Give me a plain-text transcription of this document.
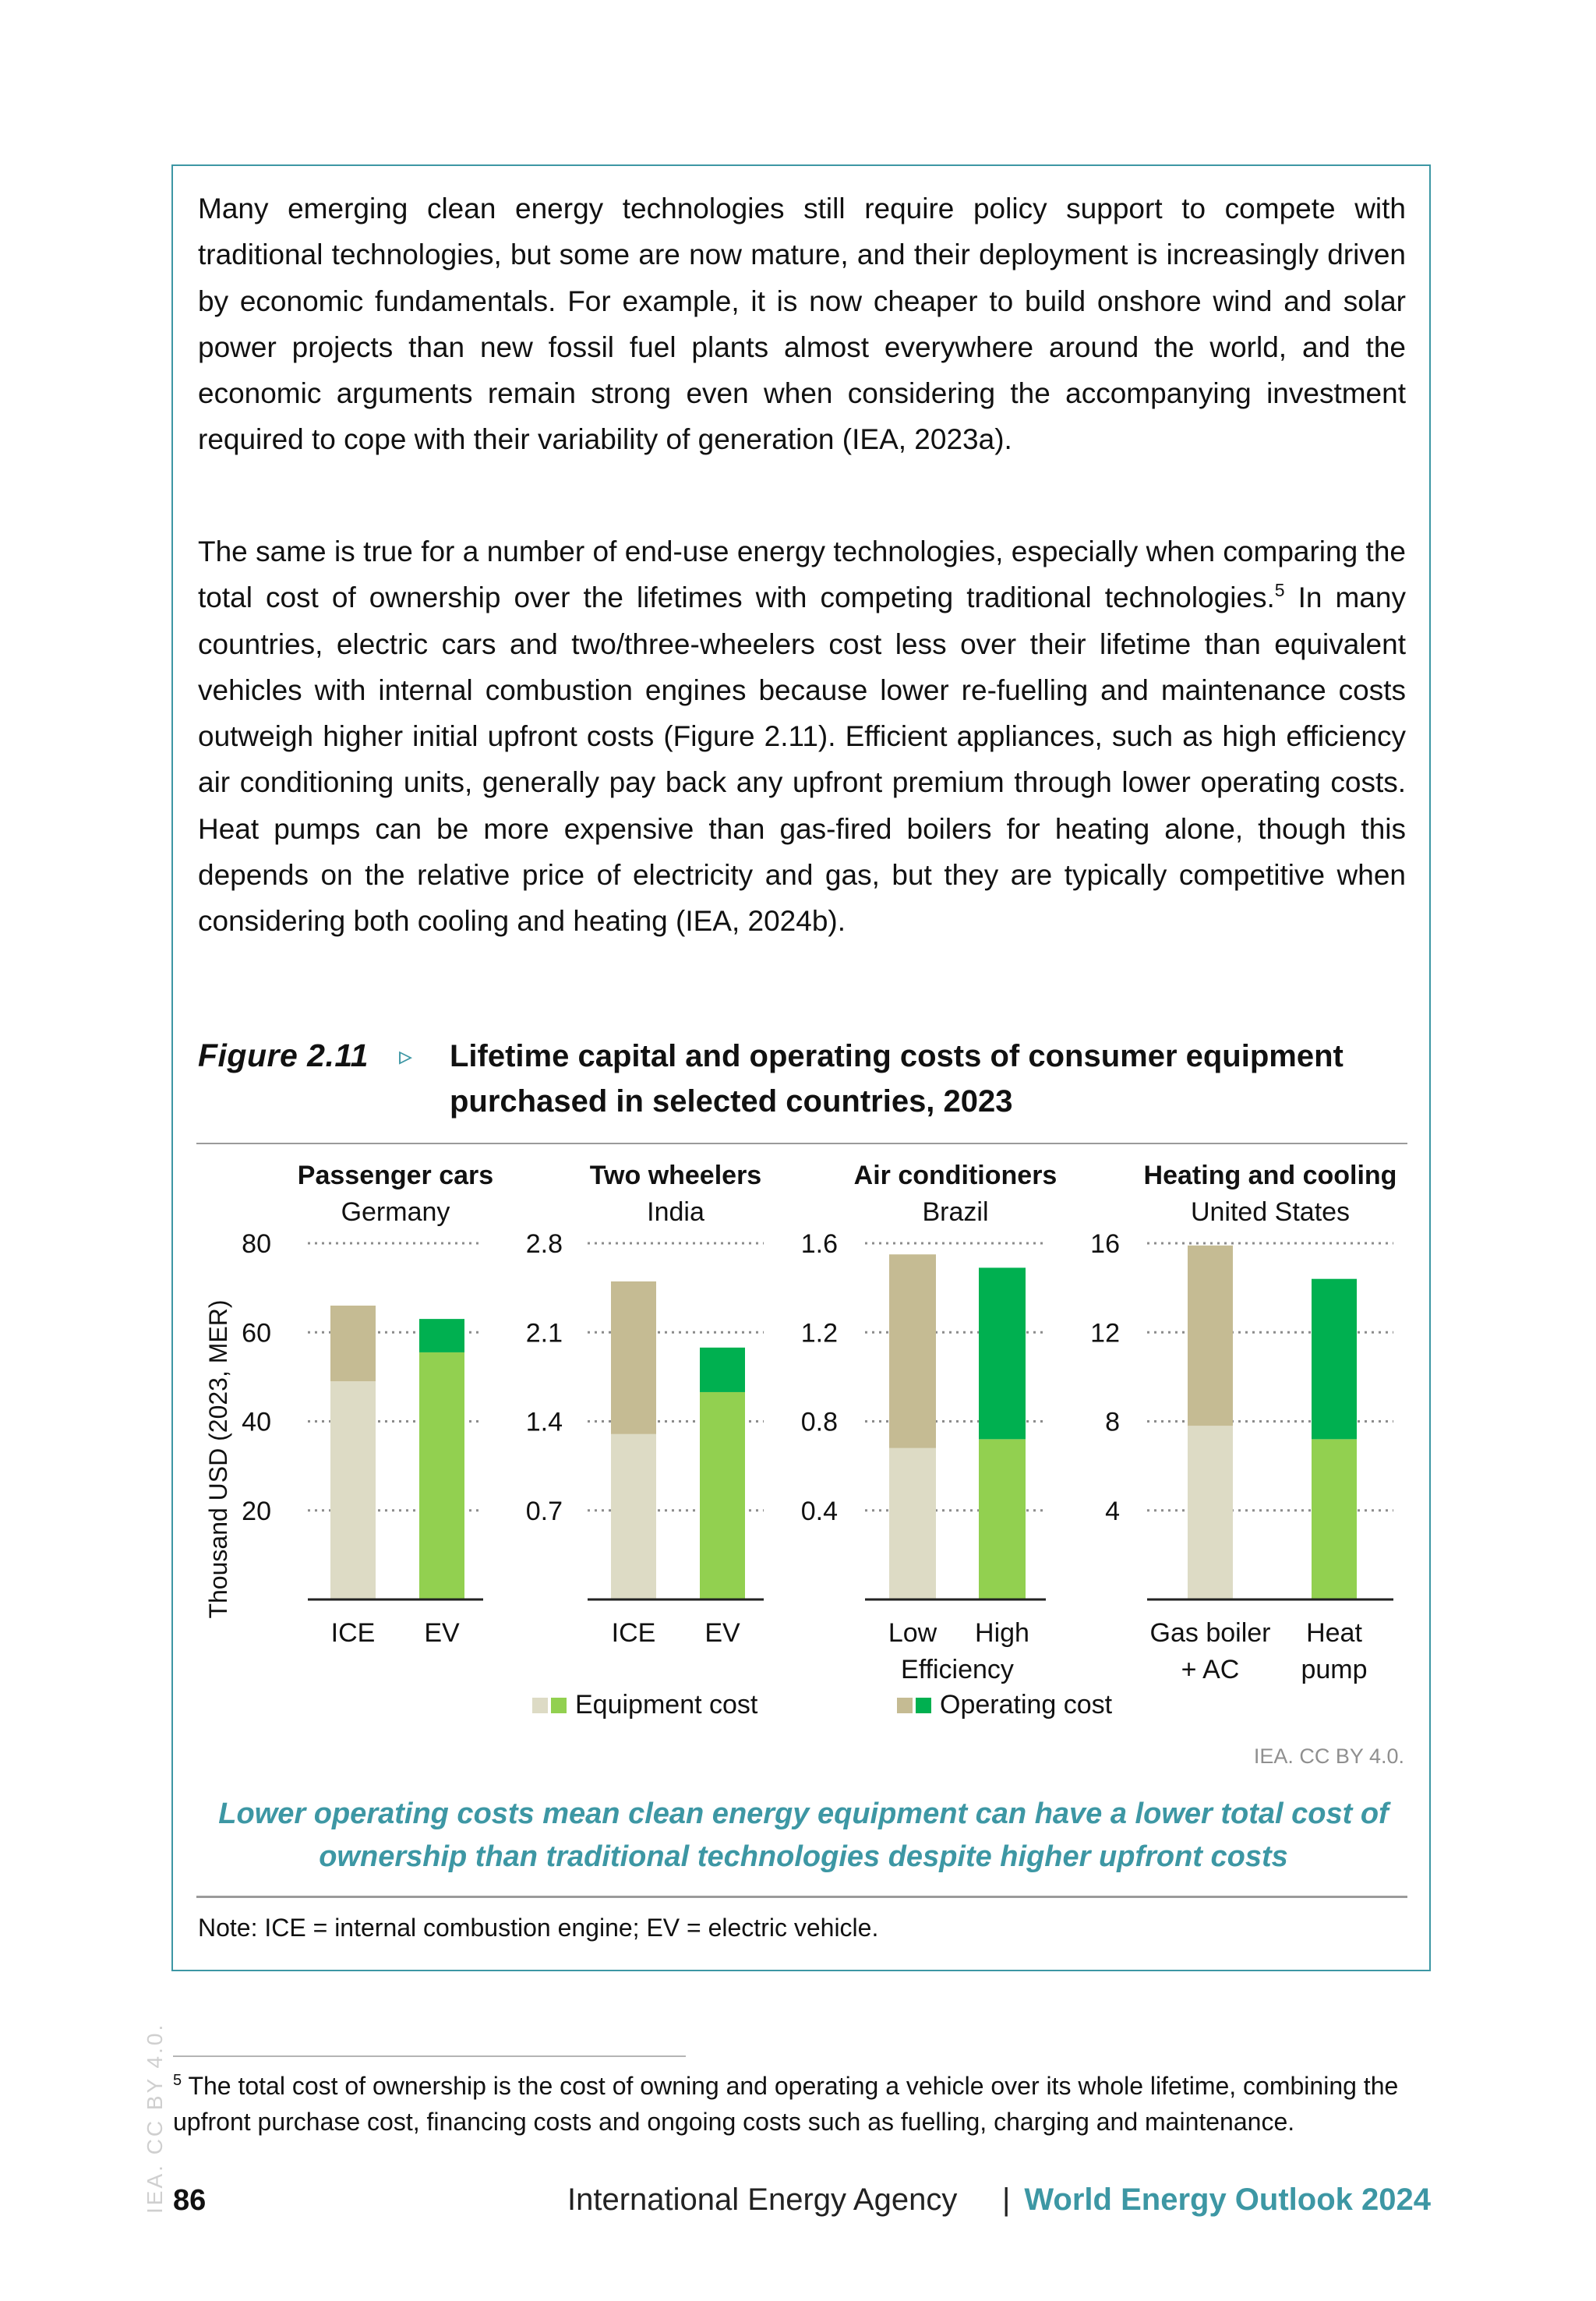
Many emerging clean energy technologies still require policy support to compete with traditional technologies, but some are now mature, and their deployment is increasingly driven by economic fundamentals. For example, it is now cheaper to build onshore wind and solar power projects than new fossil fuel plants almost everywhere around the world, and the economic arguments remain strong even when considering the accompanying investment required to cope with their variability of generation (IEA, 2023a).

The same is true for a number of end-use energy technologies, especially when comparing the total cost of ownership over the lifetimes with competing traditional technologies.$^5$ In many countries, electric cars and two/three-wheelers cost less over their lifetime than equivalent vehicles with internal combustion engines because lower re-fuelling and maintenance costs outweigh higher initial upfront costs (Figure 2.11). Efficient appliances, such as high efficiency air conditioning units, generally pay back any upfront premium through lower operating costs. Heat pumps can be more expensive than gas-fired boilers for heating alone, though this depends on the relative price of electricity and gas, but they are typically competitive when considering both cooling and heating (IEA, 2024b).

Figure 2.11 ▹ Lifetime capital and operating costs of consumer equipment purchased in selected countries, 2023
Passenger cars
Germany
20
40
60
80
ICE EV
Two wheelers
India
0.7
1.4
2.1
2.8
ICE EV
Air conditioners
Brazil
0.4
0.8
1.2
1.6
Low High
Efficiency
Heating and cooling
United States
4
8
12
16
Gas boiler
+ AC
Heat
pump
Thousand USD (2023, MER)
Equipment cost	Operating cost
IEA. CC BY 4.0.
Lower operating costs mean clean energy equipment can have a lower total cost of ownership than traditional technologies despite higher upfront costs
Note: ICE = internal combustion engine; EV = electric vehicle.
$^5$ The total cost of ownership is the cost of owning and operating a vehicle over its whole lifetime, combining the upfront purchase cost, financing costs and ongoing costs such as fuelling, charging and maintenance.
IEA. CC BY 4.0. 86	International Energy Agency | World Energy Outlook 2024
